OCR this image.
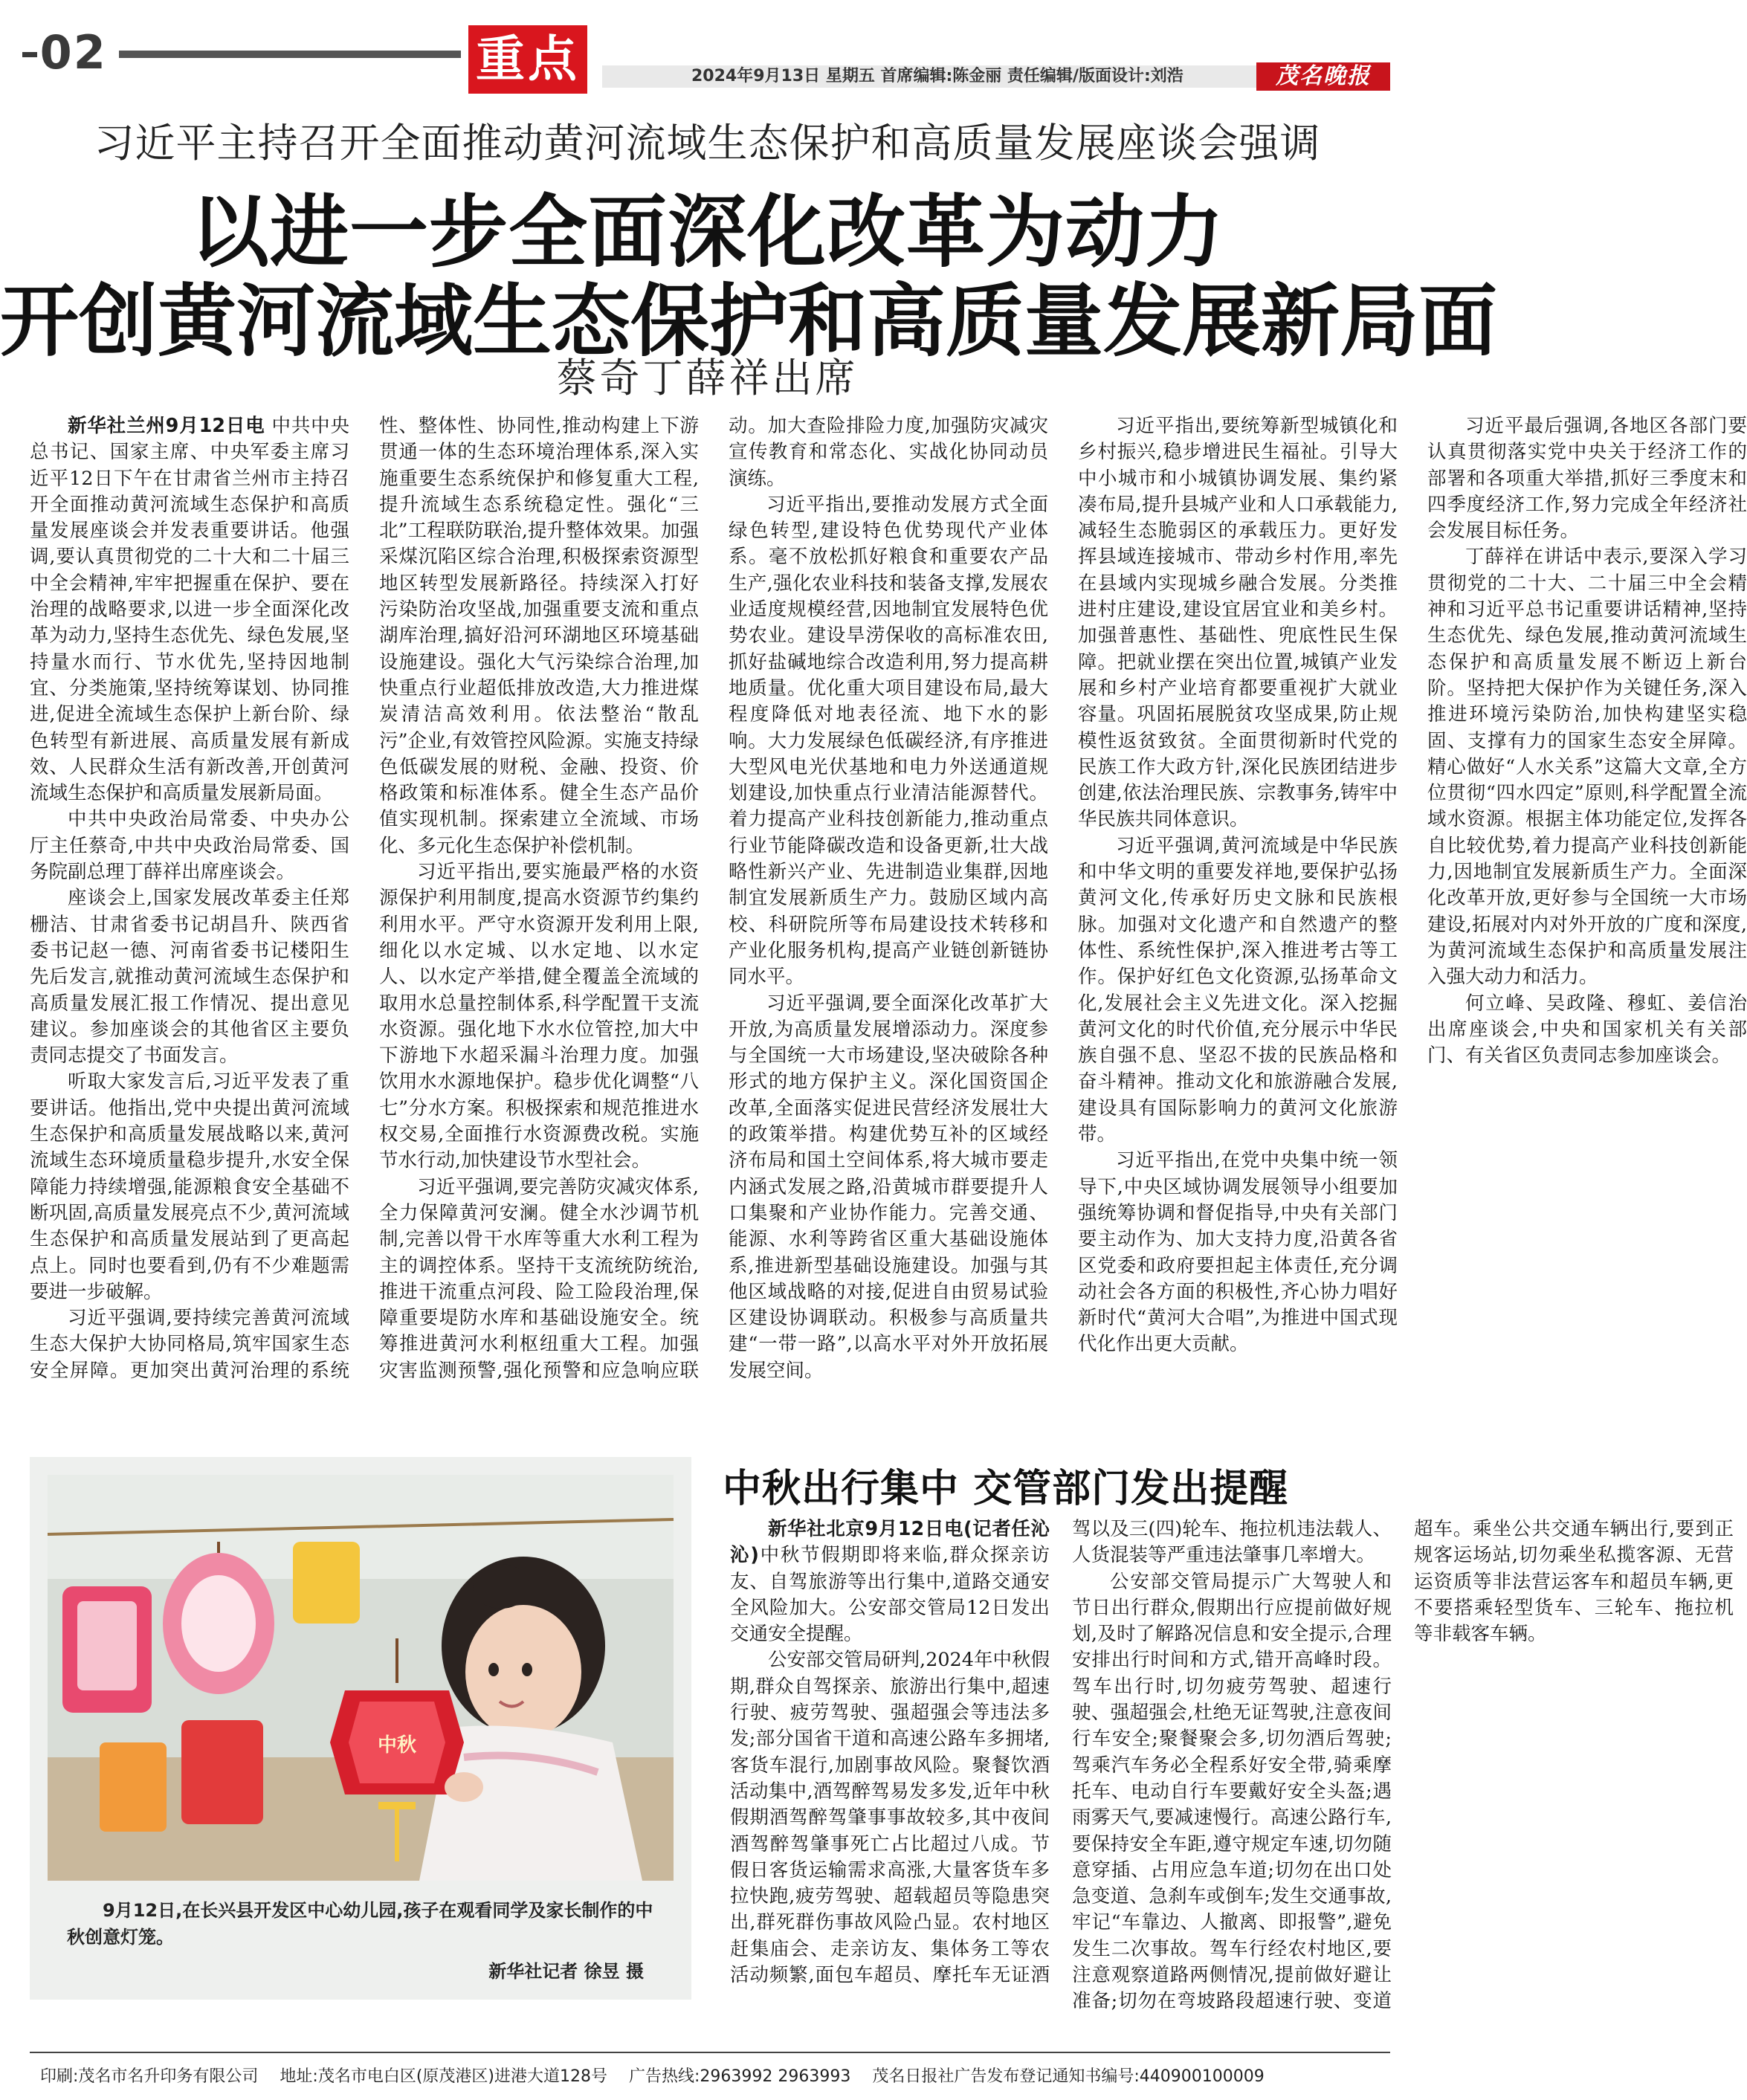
02	重点	2024年9月13日 星期五 首席编辑:陈金丽 责任编辑/版面设计:刘浩	茂名晚报
习近平主持召开全面推动黄河流域生态保护和高质量发展座谈会强调
以进一步全面深化改革为动力
开创黄河流域生态保护和高质量发展新局面
蔡奇丁薛祥出席

新华社兰州9月12日电 中共中央总书记、国家主席、中央军委主席习近平12日下午在甘肃省兰州市主持召开全面推动黄河流域生态保护和高质量发展座谈会并发表重要讲话。他强调,要认真贯彻党的二十大和二十届三中全会精神,牢牢把握重在保护、要在治理的战略要求,以进一步全面深化改革为动力,坚持生态优先、绿色发展,坚持量水而行、节水优先,坚持因地制宜、分类施策,坚持统筹谋划、协同推进,促进全流域生态保护上新台阶、绿色转型有新进展、高质量发展有新成效、人民群众生活有新改善,开创黄河流域生态保护和高质量发展新局面。

中共中央政治局常委、中央办公厅主任蔡奇,中共中央政治局常委、国务院副总理丁薛祥出席座谈会。

座谈会上,国家发展改革委主任郑栅洁、甘肃省委书记胡昌升、陕西省委书记赵一德、河南省委书记楼阳生先后发言,就推动黄河流域生态保护和高质量发展汇报工作情况、提出意见建议。参加座谈会的其他省区主要负责同志提交了书面发言。

听取大家发言后,习近平发表了重要讲话。他指出,党中央提出黄河流域生态保护和高质量发展战略以来,黄河流域生态环境质量稳步提升,水安全保障能力持续增强,能源粮食安全基础不断巩固,高质量发展亮点不少,黄河流域生态保护和高质量发展站到了更高起点上。同时也要看到,仍有不少难题需要进一步破解。

习近平强调,要持续完善黄河流域生态大保护大协同格局,筑牢国家生态安全屏障。更加突出黄河治理的系统性、整体性、协同性,推动构建上下游贯通一体的生态环境治理体系,深入实施重要生态系统保护和修复重大工程,提升流域生态系统稳定性。强化“三北”工程联防联治,提升整体效果。加强采煤沉陷区综合治理,积极探索资源型地区转型发展新路径。持续深入打好污染防治攻坚战,加强重要支流和重点湖库治理,搞好沿河环湖地区环境基础设施建设。强化大气污染综合治理,加快重点行业超低排放改造,大力推进煤炭清洁高效利用。依法整治“散乱污”企业,有效管控风险源。实施支持绿色低碳发展的财税、金融、投资、价格政策和标准体系。健全生态产品价值实现机制。探索建立全流域、市场化、多元化生态保护补偿机制。

习近平指出,要实施最严格的水资源保护利用制度,提高水资源节约集约利用水平。严守水资源开发利用上限,细化以水定城、以水定地、以水定人、以水定产举措,健全覆盖全流域的取用水总量控制体系,科学配置干支流水资源。强化地下水水位管控,加大中下游地下水超采漏斗治理力度。加强饮用水水源地保护。稳步优化调整“八七”分水方案。积极探索和规范推进水权交易,全面推行水资源费改税。实施节水行动,加快建设节水型社会。

习近平强调,要完善防灾减灾体系,全力保障黄河安澜。健全水沙调节机制,完善以骨干水库等重大水利工程为主的调控体系。坚持干支流统防统治,推进干流重点河段、险工险段治理,保障重要堤防水库和基础设施安全。统筹推进黄河水利枢纽重大工程。加强灾害监测预警,强化预警和应急响应联动。加大查险排险力度,加强防灾减灾宣传教育和常态化、实战化协同动员演练。

习近平指出,要推动发展方式全面绿色转型,建设特色优势现代产业体系。毫不放松抓好粮食和重要农产品生产,强化农业科技和装备支撑,发展农业适度规模经营,因地制宜发展特色优势农业。建设旱涝保收的高标准农田,抓好盐碱地综合改造利用,努力提高耕地质量。优化重大项目建设布局,最大程度降低对地表径流、地下水的影响。大力发展绿色低碳经济,有序推进大型风电光伏基地和电力外送通道规划建设,加快重点行业清洁能源替代。着力提高产业科技创新能力,推动重点行业节能降碳改造和设备更新,壮大战略性新兴产业、先进制造业集群,因地制宜发展新质生产力。鼓励区域内高校、科研院所等布局建设技术转移和产业化服务机构,提高产业链创新链协同水平。

习近平强调,要全面深化改革扩大开放,为高质量发展增添动力。深度参与全国统一大市场建设,坚决破除各种形式的地方保护主义。深化国资国企改革,全面落实促进民营经济发展壮大的政策举措。构建优势互补的区域经济布局和国土空间体系,将大城市要走内涵式发展之路,沿黄城市群要提升人口集聚和产业协作能力。完善交通、能源、水利等跨省区重大基础设施体系,推进新型基础设施建设。加强与其他区域战略的对接,促进自由贸易试验区建设协调联动。积极参与高质量共建“一带一路”,以高水平对外开放拓展发展空间。

习近平指出,要统筹新型城镇化和乡村振兴,稳步增进民生福祉。引导大中小城市和小城镇协调发展、集约紧凑布局,提升县城产业和人口承载能力,减轻生态脆弱区的承载压力。更好发挥县域连接城市、带动乡村作用,率先在县域内实现城乡融合发展。分类推进村庄建设,建设宜居宜业和美乡村。加强普惠性、基础性、兜底性民生保障。把就业摆在突出位置,城镇产业发展和乡村产业培育都要重视扩大就业容量。巩固拓展脱贫攻坚成果,防止规模性返贫致贫。全面贯彻新时代党的民族工作大政方针,深化民族团结进步创建,依法治理民族、宗教事务,铸牢中华民族共同体意识。

习近平强调,黄河流域是中华民族和中华文明的重要发祥地,要保护弘扬黄河文化,传承好历史文脉和民族根脉。加强对文化遗产和自然遗产的整体性、系统性保护,深入推进考古等工作。保护好红色文化资源,弘扬革命文化,发展社会主义先进文化。深入挖掘黄河文化的时代价值,充分展示中华民族自强不息、坚忍不拔的民族品格和奋斗精神。推动文化和旅游融合发展,建设具有国际影响力的黄河文化旅游带。

习近平指出,在党中央集中统一领导下,中央区域协调发展领导小组要加强统筹协调和督促指导,中央有关部门要主动作为、加大支持力度,沿黄各省区党委和政府要担起主体责任,充分调动社会各方面的积极性,齐心协力唱好新时代“黄河大合唱”,为推进中国式现代化作出更大贡献。

习近平最后强调,各地区各部门要认真贯彻落实党中央关于经济工作的部署和各项重大举措,抓好三季度末和四季度经济工作,努力完成全年经济社会发展目标任务。

丁薛祥在讲话中表示,要深入学习贯彻党的二十大、二十届三中全会精神和习近平总书记重要讲话精神,坚持生态优先、绿色发展,推动黄河流域生态保护和高质量发展不断迈上新台阶。坚持把大保护作为关键任务,深入推进环境污染防治,加快构建坚实稳固、支撑有力的国家生态安全屏障。精心做好“人水关系”这篇大文章,全方位贯彻“四水四定”原则,科学配置全流域水资源。根据主体功能定位,发挥各自比较优势,着力提高产业科技创新能力,因地制宜发展新质生产力。全面深化改革开放,更好参与全国统一大市场建设,拓展对内对外开放的广度和深度,为黄河流域生态保护和高质量发展注入强大动力和活力。

何立峰、吴政隆、穆虹、姜信治出席座谈会,中央和国家机关有关部门、有关省区负责同志参加座谈会。

中秋
9月12日,在长兴县开发区中心幼儿园,孩子在观看同学及家长制作的中秋创意灯笼。
新华社记者 徐昱 摄
中秋出行集中 交管部门发出提醒

新华社北京9月12日电(记者任沁沁)中秋节假期即将来临,群众探亲访友、自驾旅游等出行集中,道路交通安全风险加大。公安部交管局12日发出交通安全提醒。

公安部交管局研判,2024年中秋假期,群众自驾探亲、旅游出行集中,超速行驶、疲劳驾驶、强超强会等违法多发;部分国省干道和高速公路车多拥堵,客货车混行,加剧事故风险。聚餐饮酒活动集中,酒驾醉驾易发多发,近年中秋假期酒驾醉驾肇事事故较多,其中夜间酒驾醉驾肇事死亡占比超过八成。节假日客货运输需求高涨,大量客货车多拉快跑,疲劳驾驶、超载超员等隐患突出,群死群伤事故风险凸显。农村地区赶集庙会、走亲访友、集体务工等农活动频繁,面包车超员、摩托车无证酒驾以及三(四)轮车、拖拉机违法载人、人货混装等严重违法肇事几率增大。

公安部交管局提示广大驾驶人和节日出行群众,假期出行应提前做好规划,及时了解路况信息和安全提示,合理安排出行时间和方式,错开高峰时段。驾车出行时,切勿疲劳驾驶、超速行驶、强超强会,杜绝无证驾驶,注意夜间行车安全;聚餐聚会多,切勿酒后驾驶;驾乘汽车务必全程系好安全带,骑乘摩托车、电动自行车要戴好安全头盔;遇雨雾天气,要减速慢行。高速公路行车,要保持安全车距,遵守规定车速,切勿随意穿插、占用应急车道;切勿在出口处急变道、急刹车或倒车;发生交通事故,牢记“车靠边、人撤离、即报警”,避免发生二次事故。驾车行经农村地区,要注意观察道路两侧情况,提前做好避让准备;切勿在弯坡路段超速行驶、变道超车。乘坐公共交通车辆出行,要到正规客运场站,切勿乘坐私揽客源、无营运资质等非法营运客车和超员车辆,更不要搭乘轻型货车、三轮车、拖拉机等非载客车辆。

印刷:茂名市名升印务有限公司 地址:茂名市电白区(原茂港区)进港大道128号 广告热线:2963992 2963993 茂名日报社广告发布登记通知书编号:440900100009
